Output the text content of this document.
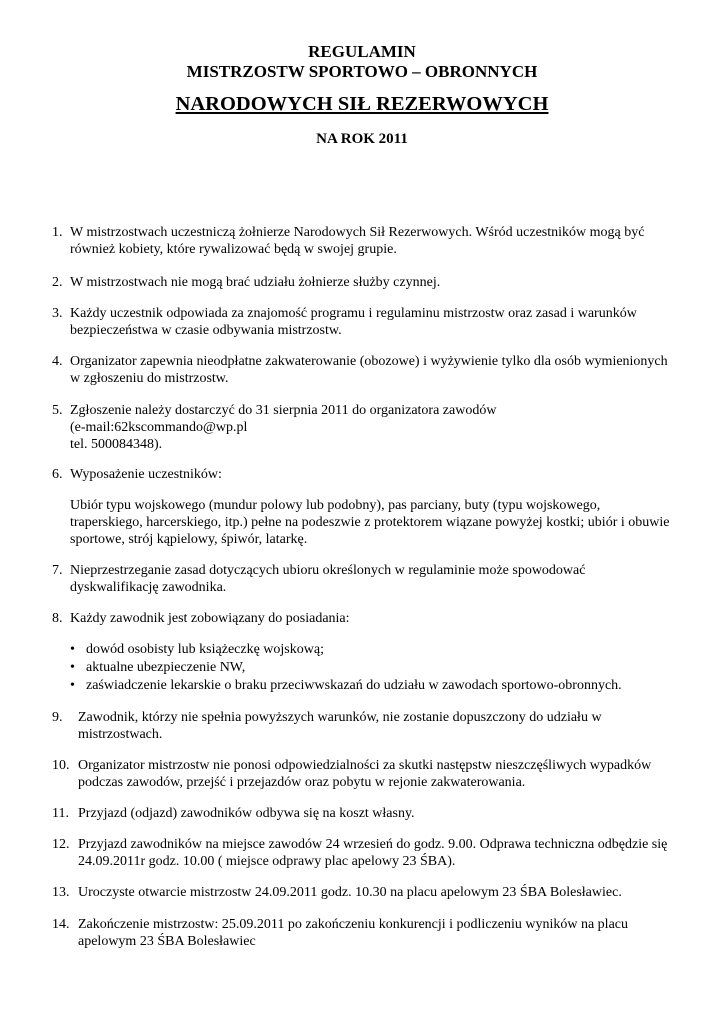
REGULAMIN
MISTRZOSTW SPORTOWO – OBRONNYCH
NARODOWYCH SIŁ REZERWOWYCH
NA ROK 2011
1. W mistrzostwach uczestniczą żołnierze Narodowych Sił Rezerwowych. Wśród uczestników mogą być
również kobiety, które rywalizować będą w swojej grupie.
2. W mistrzostwach nie mogą brać udziału żołnierze służby czynnej.
3. Każdy uczestnik odpowiada za znajomość programu i regulaminu mistrzostw oraz zasad i warunków
bezpieczeństwa w czasie odbywania mistrzostw.
4. Organizator zapewnia nieodpłatne zakwaterowanie (obozowe) i wyżywienie tylko dla osób wymienionych
w zgłoszeniu do mistrzostw.
5. Zgłoszenie należy dostarczyć do 31 sierpnia 2011 do organizatora zawodów
(e-mail:62kscommando@wp.pl
tel. 500084348).
6. Wyposażenie uczestników:
Ubiór typu wojskowego (mundur polowy lub podobny), pas parciany, buty (typu wojskowego,
traperskiego, harcerskiego, itp.) pełne na podeszwie z protektorem wiązane powyżej kostki; ubiór i obuwie
sportowe, strój kąpielowy, śpiwór, latarkę.
7. Nieprzestrzeganie zasad dotyczących ubioru określonych w regulaminie może spowodować
dyskwalifikację zawodnika.
8. Każdy zawodnik jest zobowiązany do posiadania:
• dowód osobisty lub książeczkę wojskową;
• aktualne ubezpieczenie NW,
• zaświadczenie lekarskie o braku przeciwwskazań do udziału w zawodach sportowo-obronnych.
9. Zawodnik, którzy nie spełnia powyższych warunków, nie zostanie dopuszczony do udziału w
mistrzostwach.
10. Organizator mistrzostw nie ponosi odpowiedzialności za skutki następstw nieszczęśliwych wypadków
podczas zawodów, przejść i przejazdów oraz pobytu w rejonie zakwaterowania.
11. Przyjazd (odjazd) zawodników odbywa się na koszt własny.
12. Przyjazd zawodników na miejsce zawodów 24 wrzesień do godz. 9.00. Odprawa techniczna odbędzie się
24.09.2011r godz. 10.00 ( miejsce odprawy plac apelowy 23 ŚBA).
13. Uroczyste otwarcie mistrzostw 24.09.2011 godz. 10.30 na placu apelowym 23 ŚBA Bolesławiec.
14. Zakończenie mistrzostw: 25.09.2011 po zakończeniu konkurencji i podliczeniu wyników na placu
apelowym 23 ŚBA Bolesławiec
